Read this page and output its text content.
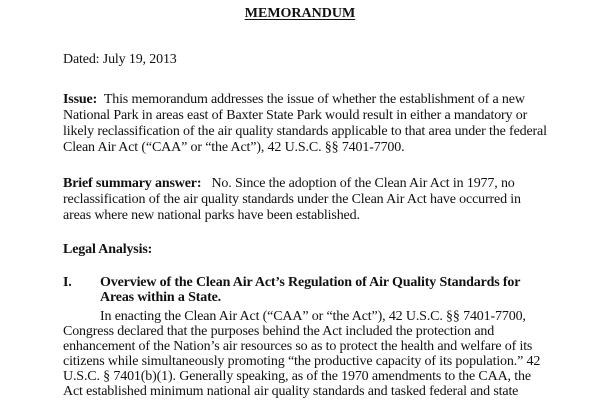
MEMORANDUM
Dated: July 19, 2013
Issue: This memorandum addresses the issue of whether the establishment of a new
National Park in areas east of Baxter State Park would result in either a mandatory or
likely reclassification of the air quality standards applicable to that area under the federal
Clean Air Act (“CAA” or “the Act”), 42 U.S.C. §§ 7401-7700.
Brief summary answer: No. Since the adoption of the Clean Air Act in 1977, no
reclassification of the air quality standards under the Clean Air Act have occurred in
areas where new national parks have been established.
Legal Analysis:
I. Overview of the Clean Air Act’s Regulation of Air Quality Standards for
Areas within a State.
In enacting the Clean Air Act (“CAA” or “the Act”), 42 U.S.C. §§ 7401-7700,
Congress declared that the purposes behind the Act included the protection and
enhancement of the Nation’s air resources so as to protect the health and welfare of its
citizens while simultaneously promoting “the productive capacity of its population.” 42
U.S.C. § 7401(b)(1). Generally speaking, as of the 1970 amendments to the CAA, the
Act established minimum national air quality standards and tasked federal and state
